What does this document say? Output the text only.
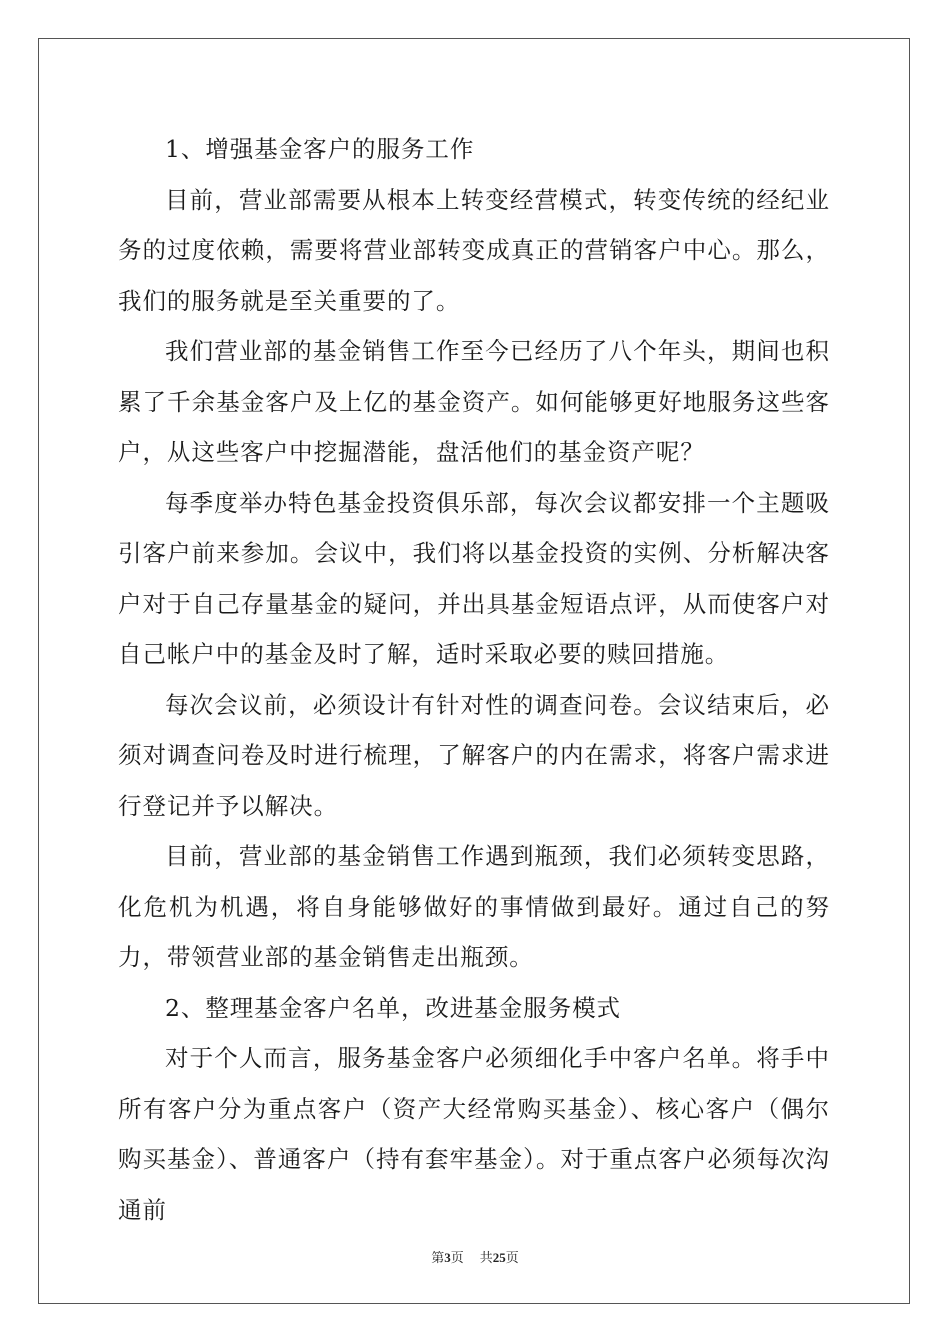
1、增强基金客户的服务工作

目前，营业部需要从根本上转变经营模式，转变传统的经纪业务的过度依赖，需要将营业部转变成真正的营销客户中心。那么，我们的服务就是至关重要的了。

我们营业部的基金销售工作至今已经历了八个年头，期间也积累了千余基金客户及上亿的基金资产。如何能够更好地服务这些客户，从这些客户中挖掘潜能，盘活他们的基金资产呢？

每季度举办特色基金投资俱乐部，每次会议都安排一个主题吸引客户前来参加。会议中，我们将以基金投资的实例、分析解决客户对于自己存量基金的疑问，并出具基金短语点评，从而使客户对自己帐户中的基金及时了解，适时采取必要的赎回措施。

每次会议前，必须设计有针对性的调查问卷。会议结束后，必须对调查问卷及时进行梳理，了解客户的内在需求，将客户需求进行登记并予以解决。

目前，营业部的基金销售工作遇到瓶颈，我们必须转变思路，化危机为机遇，将自身能够做好的事情做到最好。通过自己的努力，带领营业部的基金销售走出瓶颈。

2、整理基金客户名单，改进基金服务模式

对于个人而言，服务基金客户必须细化手中客户名单。将手中所有客户分为重点客户（资产大经常购买基金）、核心客户（偶尔购买基金）、普通客户（持有套牢基金）。对于重点客户必须每次沟通前

第3页 共25页
